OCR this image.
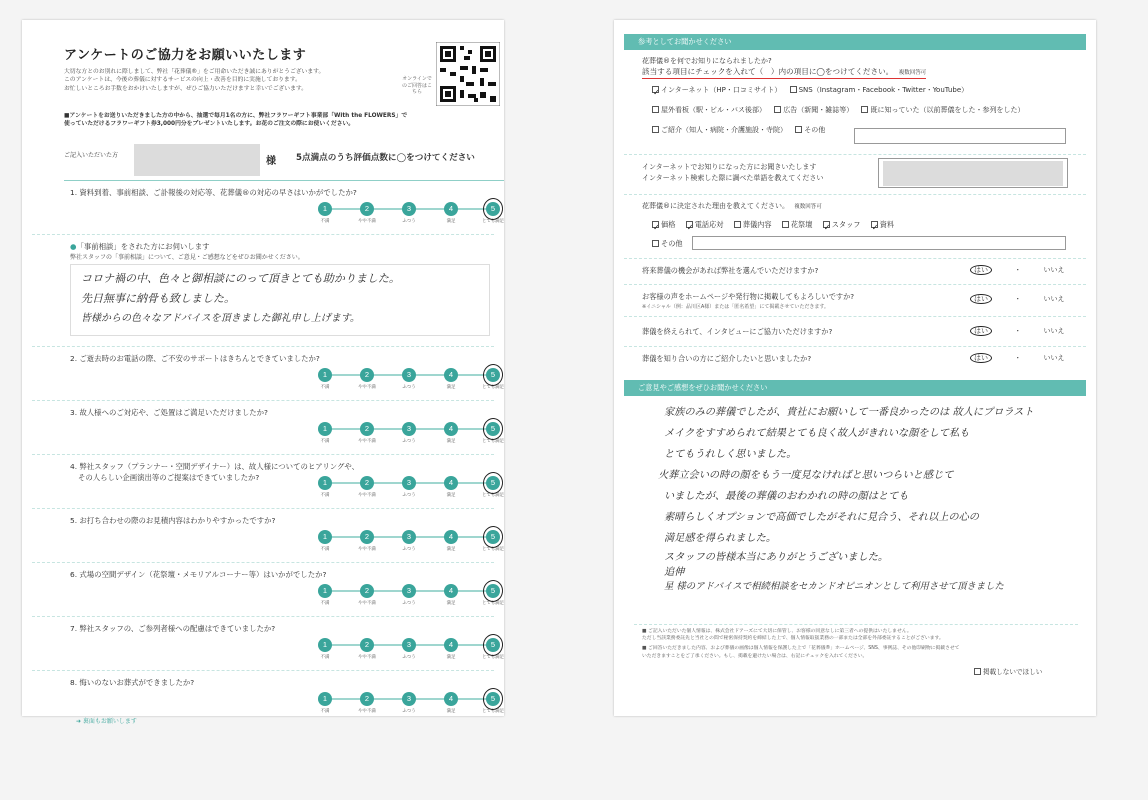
アンケートのご協力をお願いいたします
大切な方とのお別れに際しまして、弊社「花葬儀®」をご用命いただき誠にありがとうございます。
このアンケートは、今後の葬儀に対するサービスの向上・改善を目的に実施しております。
お忙しいところお手数をおかけいたしますが、ぜひご協力いただけますと幸いでございます。
オンラインでのご回答はこちら
■アンケートをお送りいただきました方の中から、抽選で毎月1名の方に、弊社フラワーギフト事業部「With the FLOWERS」で
使っていただけるフラワーギフト券3,000円分をプレゼントいたします。お花のご注文の際にお使いください。
ご記入いただいた方
様 5点満点のうち評価点数に◯をつけてください
1. 資料到着、事前相談、ご訃報後の対応等、花葬儀®の対応の早さはいかがでしたか?
1
不満
2
やや不満
3
ふつう
4
満足
5
とても満足
●「事前相談」をされた方にお伺いします
弊社スタッフの「事前相談」について、ご意見・ご感想などをぜひお聞かせください。
コロナ禍の中、色々と御相談にのって頂きとても助かりました。
先日無事に納骨も致しました。
皆様からの色々なアドバイスを頂きました御礼申し上げます。
2. ご逝去時のお電話の際、ご不安のサポートはきちんとできていましたか?
1
不満
2
やや不満
3
ふつう
4
満足
5
とても満足
3. 故人様へのご対応や、ご処置はご満足いただけましたか?
1
不満
2
やや不満
3
ふつう
4
満足
5
とても満足
4. 弊社スタッフ（プランナー・空間デザイナー）は、故人様についてのヒアリングや、
その人らしい企画演出等のご提案はできていましたか?
1
不満
2
やや不満
3
ふつう
4
満足
5
とても満足
5. お打ち合わせの際のお見積内容はわかりやすかったですか?
1
不満
2
やや不満
3
ふつう
4
満足
5
とても満足
6. 式場の空間デザイン（花祭壇・メモリアルコーナー等）はいかがでしたか?
1
不満
2
やや不満
3
ふつう
4
満足
5
とても満足
7. 弊社スタッフの、ご参列者様への配慮はできていましたか?
1
不満
2
やや不満
3
ふつう
4
満足
5
とても満足
8. 悔いのないお葬式ができましたか?
1
不満
2
やや不満
3
ふつう
4
満足
5
とても満足
➜ 裏面もお願いします
参考としてお聞かせください
花葬儀®を何でお知りになられましたか?
該当する項目にチェックを入れて（　）内の項目に◯をつけてください。 複数回答可
✓インターネット（HP・口コミサイト） SNS（Instagram・Facebook・Twitter・YouTube）
屋外看板（駅・ビル・バス後部） 広告（新聞・雑誌等） 既に知っていた（以前葬儀をした・参列をした）
ご紹介（知人・病院・介護施設・寺院） その他
インターネットでお知りになった方にお聞きいたします
インターネット検索した際に調べた単語を教えてください
花葬儀®に決定された理由を教えてください。 複数回答可
✓価格 ✓	電話応対	葬儀内容	花祭壇 ✓	スタッフ ✓	資料
その他
将来葬儀の機会があれば弊社を選んでいただけますか?	はい	・	いいえ
お客様の声をホームページや発行物に掲載してもよろしいですか?
※イニシャル（例：品川区A様）または「匿名希望」にて掲載させていただきます。
はい	・	いいえ
葬儀を終えられて、インタビューにご協力いただけますか?	はい	・	いいえ
葬儀を知り合いの方にご紹介したいと思いましたか?	はい	・	いいえ
ご意見やご感想をぜひお聞かせください
家族のみの葬儀でしたが、貴社にお願いして一番良かったのは 故人にプロラスト
メイクをすすめられて結果とても良く故人がきれいな顔をして私も
とてもうれしく思いました。
火葬立会いの時の顔をもう一度見なければと思いつらいと感じて
いましたが、最後の葬儀のおわかれの時の顔はとても
素晴らしくオプションで高価でしたがそれに見合う、それ以上の心の
満足感を得られました。
スタッフの皆様本当にありがとうございました。
追伸
星 様のアドバイスで相続相談をセカンドオピニオンとして利用させて頂きました
■ ご記入いただいた個人情報は、株式会社ドアーズにて大切に保管し、お客様の同意なしに第三者への提供はいたしません。
ただし当該業務委託先と当社との間で秘密保持契約を締結した上で、個人情報取扱業務の一部または全部を外部委託することがございます。
■ ご回答いただきました内容、および葬儀の画像は個人情報を保護した上で「花葬儀®」ホームページ、SNS、事例誌、その他印刷物に掲載させて
いただきますことをご了承ください。もし、掲載を避けたい場合は、右記にチェックを入れてください。
掲載しないでほしい
